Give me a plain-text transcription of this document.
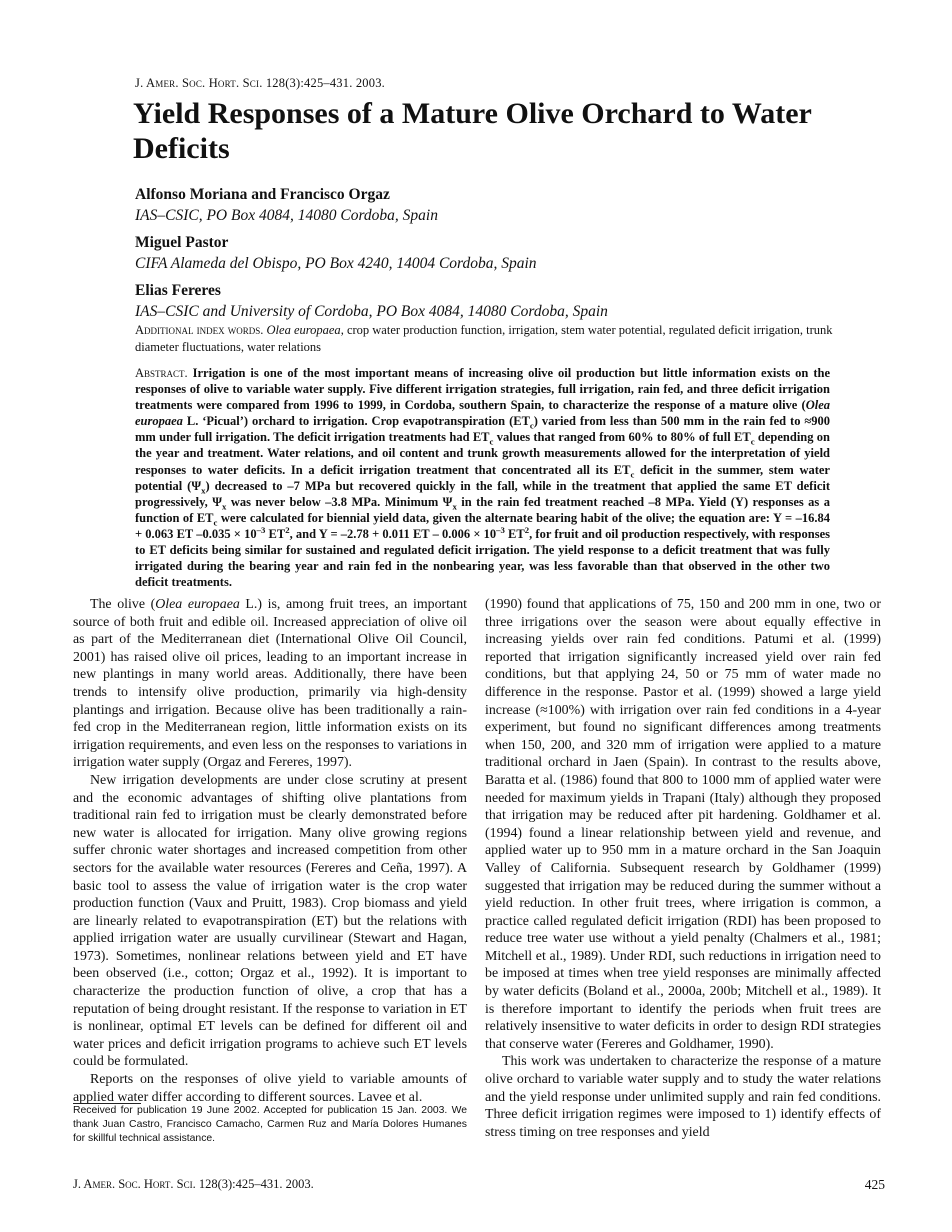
J. Amer. Soc. Hort. Sci. 128(3):425–431. 2003.
Yield Responses of a Mature Olive Orchard to Water Deficits
Alfonso Moriana and Francisco Orgaz
IAS–CSIC, PO Box 4084, 14080 Cordoba, Spain
Miguel Pastor
CIFA Alameda del Obispo, PO Box 4240, 14004 Cordoba, Spain
Elias Fereres
IAS–CSIC and University of Cordoba, PO Box 4084, 14080 Cordoba, Spain
Additional index words. Olea europaea, crop water production function, irrigation, stem water potential, regulated deficit irrigation, trunk diameter fluctuations, water relations
Abstract. Irrigation is one of the most important means of increasing olive oil production but little information exists on the responses of olive to variable water supply. Five different irrigation strategies, full irrigation, rain fed, and three deficit irrigation treatments were compared from 1996 to 1999, in Cordoba, southern Spain, to characterize the response of a mature olive (Olea europaea L. ‘Picual’) orchard to irrigation. Crop evapotranspiration $(ET_c)$ varied from less than 500 mm in the rain fed to ≈900 mm under full irrigation. The deficit irrigation treatments had $ET_c$ values that ranged from 60% to 80% of full $ET_c$ depending on the year and treatment. Water relations, and oil content and trunk growth measurements allowed for the interpretation of yield responses to water deficits. In a deficit irrigation treatment that concentrated all its $ET_c$ deficit in the summer, stem water potential $(\Psi_x)$ decreased to –7 MPa but recovered quickly in the fall, while in the treatment that applied the same ET deficit progressively, $\Psi_x$ was never below –3.8 MPa. Minimum $\Psi_x$ in the rain fed treatment reached –8 MPa. Yield (Y) responses as a function of $ET_c$ were calculated for biennial yield data, given the alternate bearing habit of the olive; the equation are: Y = –16.84 + 0.063 ET $-0.035 \times 10^{-3}$ $ET^2$, and Y = –2.78 + 0.011 ET – $0.006 \times 10^{-3}$ $ET^2$, for fruit and oil production respectively, with responses to ET deficits being similar for sustained and regulated deficit irrigation. The yield response to a deficit treatment that was fully irrigated during the bearing year and rain fed in the nonbearing year, was less favorable than that observed in the other two deficit treatments.

The olive (Olea europaea L.) is, among fruit trees, an important source of both fruit and edible oil. Increased appreciation of olive oil as part of the Mediterranean diet (International Olive Oil Council, 2001) has raised olive oil prices, leading to an important increase in new plantings in many world areas. Additionally, there have been trends to intensify olive production, primarily via high-density plantings and irrigation. Because olive has been traditionally a rain-fed crop in the Mediterranean region, little information exists on its irrigation requirements, and even less on the responses to variations in irrigation water supply (Orgaz and Fereres, 1997).

New irrigation developments are under close scrutiny at present and the economic advantages of shifting olive plantations from traditional rain fed to irrigation must be clearly demonstrated before new water is allocated for irrigation. Many olive growing regions suffer chronic water shortages and increased competition from other sectors for the available water resources (Fereres and Ceña, 1997). A basic tool to assess the value of irrigation water is the crop water production function (Vaux and Pruitt, 1983). Crop biomass and yield are linearly related to evapotranspiration (ET) but the relations with applied irrigation water are usually curvilinear (Stewart and Hagan, 1973). Sometimes, nonlinear relations between yield and ET have been observed (i.e., cotton; Orgaz et al., 1992). It is important to characterize the production function of olive, a crop that has a reputation of being drought resistant. If the response to variation in ET is nonlinear, optimal ET levels can be defined for different oil and water prices and deficit irrigation programs to achieve such ET levels could be formulated.

Reports on the responses of olive yield to variable amounts of applied water differ according to different sources. Lavee et al.

(1990) found that applications of 75, 150 and 200 mm in one, two or three irrigations over the season were about equally effective in increasing yields over rain fed conditions. Patumi et al. (1999) reported that irrigation significantly increased yield over rain fed conditions, but that applying 24, 50 or 75 mm of water made no difference in the response. Pastor et al. (1999) showed a large yield increase (≈100%) with irrigation over rain fed conditions in a 4-year experiment, but found no significant differences among treatments when 150, 200, and 320 mm of irrigation were applied to a mature traditional orchard in Jaen (Spain). In contrast to the results above, Baratta et al. (1986) found that 800 to 1000 mm of applied water were needed for maximum yields in Trapani (Italy) although they proposed that irrigation may be reduced after pit hardening. Goldhamer et al. (1994) found a linear relationship between yield and revenue, and applied water up to 950 mm in a mature orchard in the San Joaquin Valley of California. Subsequent research by Goldhamer (1999) suggested that irrigation may be reduced during the summer without a yield reduction. In other fruit trees, where irrigation is common, a practice called regulated deficit irrigation (RDI) has been proposed to reduce tree water use without a yield penalty (Chalmers et al., 1981; Mitchell et al., 1989). Under RDI, such reductions in irrigation need to be imposed at times when tree yield responses are minimally affected by water deficits (Boland et al., 2000a, 200b; Mitchell et al., 1989). It is therefore important to identify the periods when fruit trees are relatively insensitive to water deficits in order to design RDI strategies that conserve water (Fereres and Goldhamer, 1990).

This work was undertaken to characterize the response of a mature olive orchard to variable water supply and to study the water relations and the yield response under unlimited supply and rain fed conditions. Three deficit irrigation regimes were imposed to 1) identify effects of stress timing on tree responses and yield

Received for publication 19 June 2002. Accepted for publication 15 Jan. 2003. We thank Juan Castro, Francisco Camacho, Carmen Ruz and María Dolores Humanes for skillful technical assistance.
J. Amer. Soc. Hort. Sci. 128(3):425–431. 2003.	425
